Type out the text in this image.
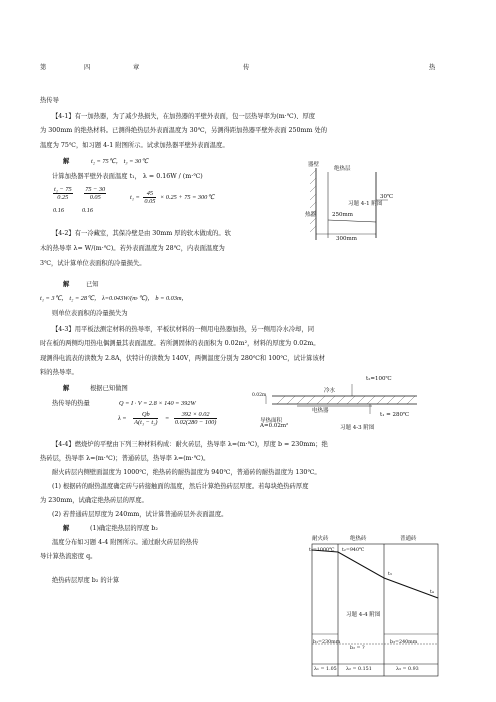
第	四	章	传	热
热传导
【4-1】有一加热器，为了减少热损失，在加热器的平壁外表面，包一层热导率为(m·℃)、厚度
为 300mm 的绝热材料。已测得绝热层外表面温度为 30℃，另测得距加热器平壁外表面 250mm 处的
温度为 75℃，如习题 4-1 附图所示。试求加热器平壁外表面温度。
解	t₂ = 75℃， t₃ = 30℃
计算加热器平壁外表面温度 t₁， λ = 0.16W / (m·℃)
$\frac{\text{t₁ − 75}}{0.25}$
$\frac{75 - 30}{0.05}$
0.16	0.16
$t_1 = \frac{45}{0.05} \times 0.25 + 75$ = 300℃
器壁
绝热层
30℃
热器	250mm
300mm
习题 4-1 附图
【4-2】有一冷藏室，其保冷壁是由 30mm 厚的软木做成的。软
木的热导率 λ= W/(m·℃)。若外表面温度为 28℃，内表面温度为
3℃，试计算单位表面积的冷量损失。
解	已知
t₁ = 3℃， t₂ = 28℃， λ=0.043W/(m·℃)， b = 0.03m，
则单位表面积的冷量损失为
【4-3】用平板法测定材料的热导率，平板状材料的一侧用电热器加热，另一侧用冷水冷却，同
时在板的两侧均用热电偶测量其表面温度。若所测固体的表面积为 0.02m²，材料的厚度为 0.02m。
现测得电流表的读数为 2.8A，伏特计的读数为 140V，两侧温度分别为 280℃和 100℃，试计算该材
料的热导率。
解	根据已知做图
热传导的热量	Q = I · V = 2.8 × 140 = 392W
$\lambda = \frac{Qb}{\text{A(t₁ − t₂)}} = \frac{392 \times 0.02}{0.02(280 - 100)}$
t₂=100℃
冷水
电热器
t₁ = 280℃
0.02m
导热面积
A=0.02m²	习题 4-3 附图
【4-4】燃烧炉的平壁由下列三种材料构成：耐火砖层，热导率 λ=(m·℃)，厚度 b = 230mm；绝
热砖层，热导率 λ=(m·℃)；普通砖层，热导率 λ=(m·℃)。
耐火砖层内侧壁面温度为 1000℃，绝热砖的耐热温度为 940℃，普通砖的耐热温度为 130℃。
(1) 根据砖的耐热温度确定砖与砖接触面的温度，然后计算绝热砖层厚度。若每块绝热砖厚度
为 230mm，试确定绝热砖层的厚度。
(2) 若普通砖层厚度为 240mm，试计算普通砖层外表面温度。
解	(1)确定绝热层的厚度 b₂
温度分布如习题 4-4 附图所示。通过耐火砖层的热传
导计算热流密度 q。
绝热砖层厚度 b₂ 的计算
耐火砖	绝热砖	普通砖
t₁=1000℃ t₂=940℃
t₃
t₄
习题 4-4 附图
b₁=230mm
b₂ = ?
b₃=240mm
λ₁ = 1.05 λ₂ = 0.151	λ₃ = 0.93
